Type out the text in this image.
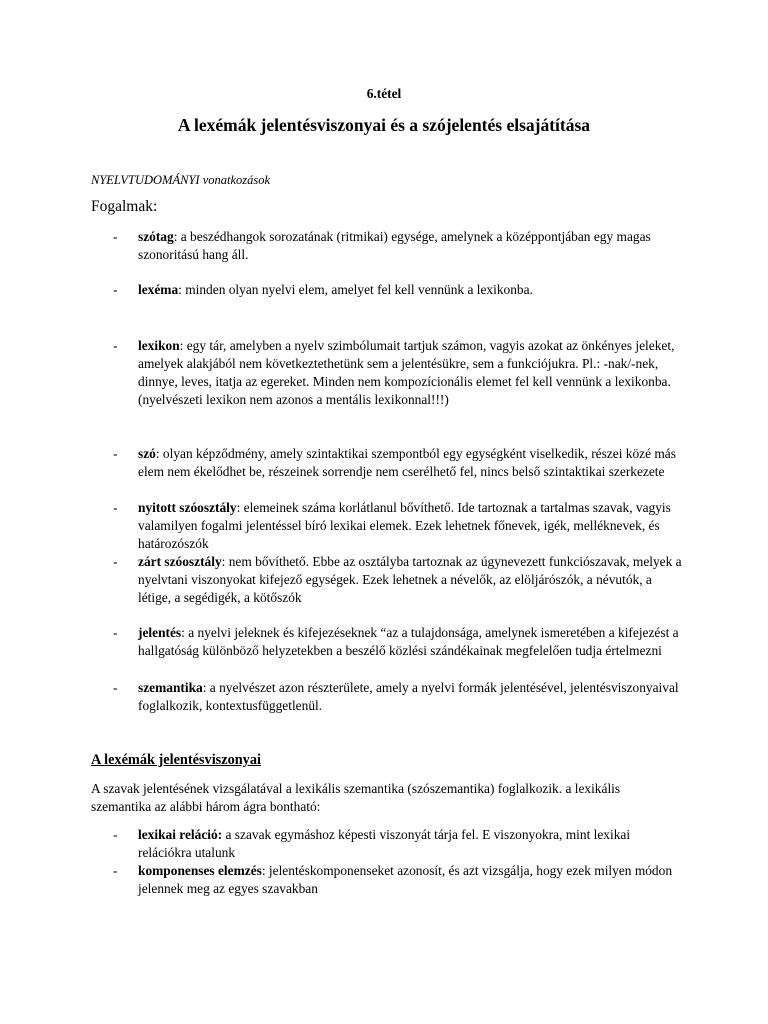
6.tétel
A lexémák jelentésviszonyai és a szójelentés elsajátítása
NYELVTUDOMÁNYI vonatkozások
Fogalmak:
- szótag: a beszédhangok sorozatának (ritmikai) egysége, amelynek a középpontjában egy magas szonoritású hang áll.
- lexéma: minden olyan nyelvi elem, amelyet fel kell vennünk a lexikonba.
- lexikon: egy tár, amelyben a nyelv szimbólumait tartjuk számon, vagyis azokat az önkényes jeleket, amelyek alakjából nem következtethetünk sem a jelentésükre, sem a funkciójukra. Pl.: -nak/-nek, dinnye, leves, itatja az egereket. Minden nem kompozícionális elemet fel kell vennünk a lexikonba. (nyelvészeti lexikon nem azonos a mentális lexikonnal!!!)
- szó: olyan képződmény, amely szintaktikai szempontból egy egységként viselkedik, részei közé más elem nem ékelődhet be, részeinek sorrendje nem cserélhető fel, nincs belső szintaktikai szerkezete
- nyitott szóosztály: elemeinek száma korlátlanul bővíthető. Ide tartoznak a tartalmas szavak, vagyis valamilyen fogalmi jelentéssel bíró lexikai elemek. Ezek lehetnek főnevek, igék, melléknevek, és határozószók
- zárt szóosztály: nem bővíthető. Ebbe az osztályba tartoznak az úgynevezett funkciószavak, melyek a nyelvtani viszonyokat kifejező egységek. Ezek lehetnek a névelők, az elöljárószók, a névutók, a létige, a segédigék, a kötőszók
- jelentés: a nyelvi jeleknek és kifejezéseknek “az a tulajdonsága, amelynek ismeretében a kifejezést a hallgatóság különböző helyzetekben a beszélő közlési szándékainak megfelelően tudja értelmezni
- szemantika: a nyelvészet azon részterülete, amely a nyelvi formák jelentésével, jelentésviszonyaival foglalkozik, kontextusfüggetlenül.
A lexémák jelentésviszonyai
A szavak jelentésének vizsgálatával a lexikális szemantika (szószemantika) foglalkozik. a lexikális szemantika az alábbi három ágra bontható:
- lexikai reláció: a szavak egymáshoz képesti viszonyát tárja fel. E viszonyokra, mint lexikai relációkra utalunk
- komponenses elemzés: jelentéskomponenseket azonosít, és azt vizsgálja, hogy ezek milyen módon jelennek meg az egyes szavakban
